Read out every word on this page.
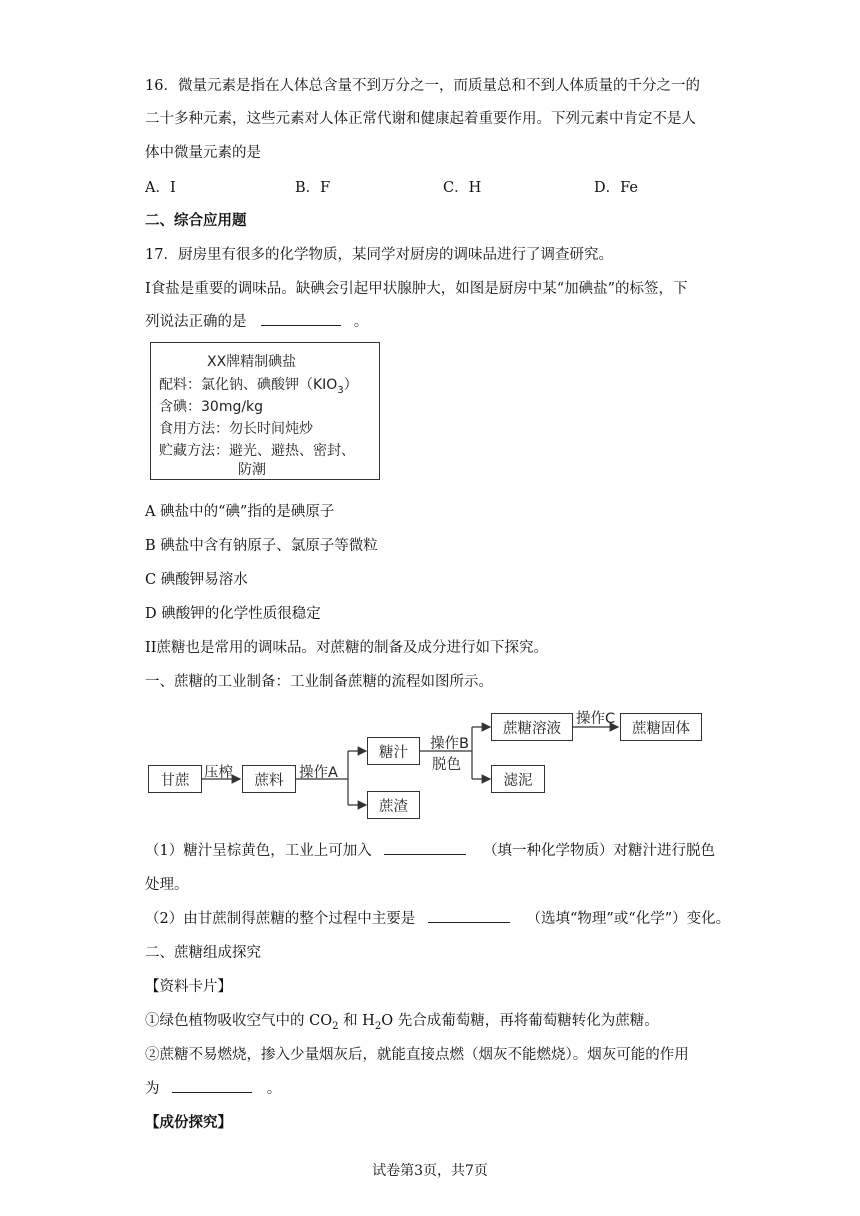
16．微量元素是指在人体总含量不到万分之一，而质量总和不到人体质量的千分之一的
二十多种元素，这些元素对人体正常代谢和健康起着重要作用。下列元素中肯定不是人
体中微量元素的是
A．I	B．F	C．H	D．Fe
二、综合应用题
17．厨房里有很多的化学物质，某同学对厨房的调味品进行了调查研究。
I食盐是重要的调味品。缺碘会引起甲状腺肿大，如图是厨房中某“加碘盐”的标签，下
列说法正确的是	。
XX牌精制碘盐
配料：氯化钠、碘酸钾$(KIO_3)$
含碘：30mg/kg
食用方法：勿长时间炖炒
贮藏方法：避光、避热、密封、
防潮
A 碘盐中的“碘”指的是碘原子
B 碘盐中含有钠原子、氯原子等微粒
C 碘酸钾易溶水
D 碘酸钾的化学性质很稳定
II蔗糖也是常用的调味品。对蔗糖的制备及成分进行如下探究。
一、蔗糖的工业制备：工业制备蔗糖的流程如图所示。
甘蔗	压榨	蔗料	操作A
糖汁
蔗渣
操作B
脱色
蔗糖溶液
滤泥
操作C
蔗糖固体
（1）糖汁呈棕黄色，工业上可加入	（填一种化学物质）对糖汁进行脱色
处理。
（2）由甘蔗制得蔗糖的整个过程中主要是	（选填“物理”或“化学”）变化。
二、蔗糖组成探究
【资料卡片】
①绿色植物吸收空气中的 $CO_2$ 和 $H_2O$ 先合成葡萄糖，再将葡萄糖转化为蔗糖。
②蔗糖不易燃烧，掺入少量烟灰后，就能直接点燃（烟灰不能燃烧）。烟灰可能的作用
为	。
【成份探究】
试卷第3页，共7页
